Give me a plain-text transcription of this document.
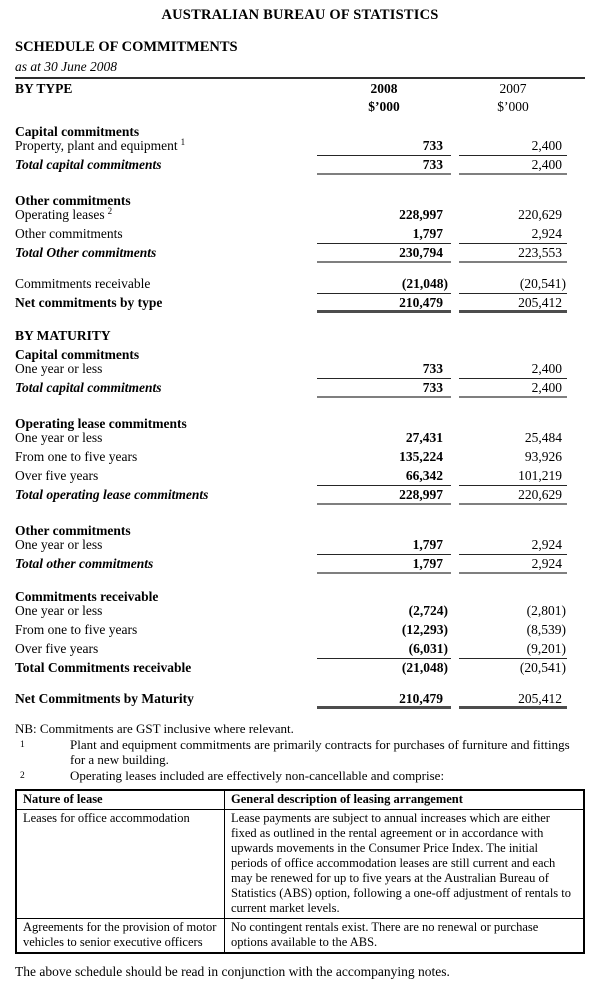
AUSTRALIAN BUREAU OF STATISTICS
SCHEDULE OF COMMITMENTS
as at 30 June 2008
BY TYPE	2008	2007
$’000	$’000
Capital commitments
Property, plant and equipment $^1$	733	2,400
Total capital commitments	733	2,400
Other commitments
Operating leases $^2$	228,997	220,629
Other commitments	1,797	2,924
Total Other commitments	230,794	223,553
Commitments receivable	(21,048)	(20,541)
Net commitments by type	210,479	205,412
BY MATURITY
Capital commitments
One year or less	733	2,400
Total capital commitments	733	2,400
Operating lease commitments
One year or less	27,431	25,484
From one to five years	135,224	93,926
Over five years	66,342	101,219
Total operating lease commitments	228,997	220,629
Other commitments
One year or less	1,797	2,924
Total other commitments	1,797	2,924
Commitments receivable
One year or less	(2,724)	(2,801)
From one to five years	(12,293)	(8,539)
Over five years	(6,031)	(9,201)
Total Commitments receivable	(21,048)	(20,541)
Net Commitments by Maturity	210,479	205,412
NB: Commitments are GST inclusive where relevant.
1	Plant and equipment commitments are primarily contracts for purchases of furniture and fittings for a new building.
2	Operating leases included are effectively non-cancellable and comprise:
Nature of lease	General description of leasing arrangement
Leases for office accommodation	Lease payments are subject to annual increases which are either fixed as outlined in the rental agreement or in accordance with upwards movements in the Consumer Price Index. The initial periods of office accommodation leases are still current and each may be renewed for up to five years at the Australian Bureau of Statistics (ABS) option, following a one-off adjustment of rentals to current market levels.
Agreements for the provision of motor vehicles to senior executive officers	No contingent rentals exist. There are no renewal or purchase options available to the ABS.
The above schedule should be read in conjunction with the accompanying notes.
